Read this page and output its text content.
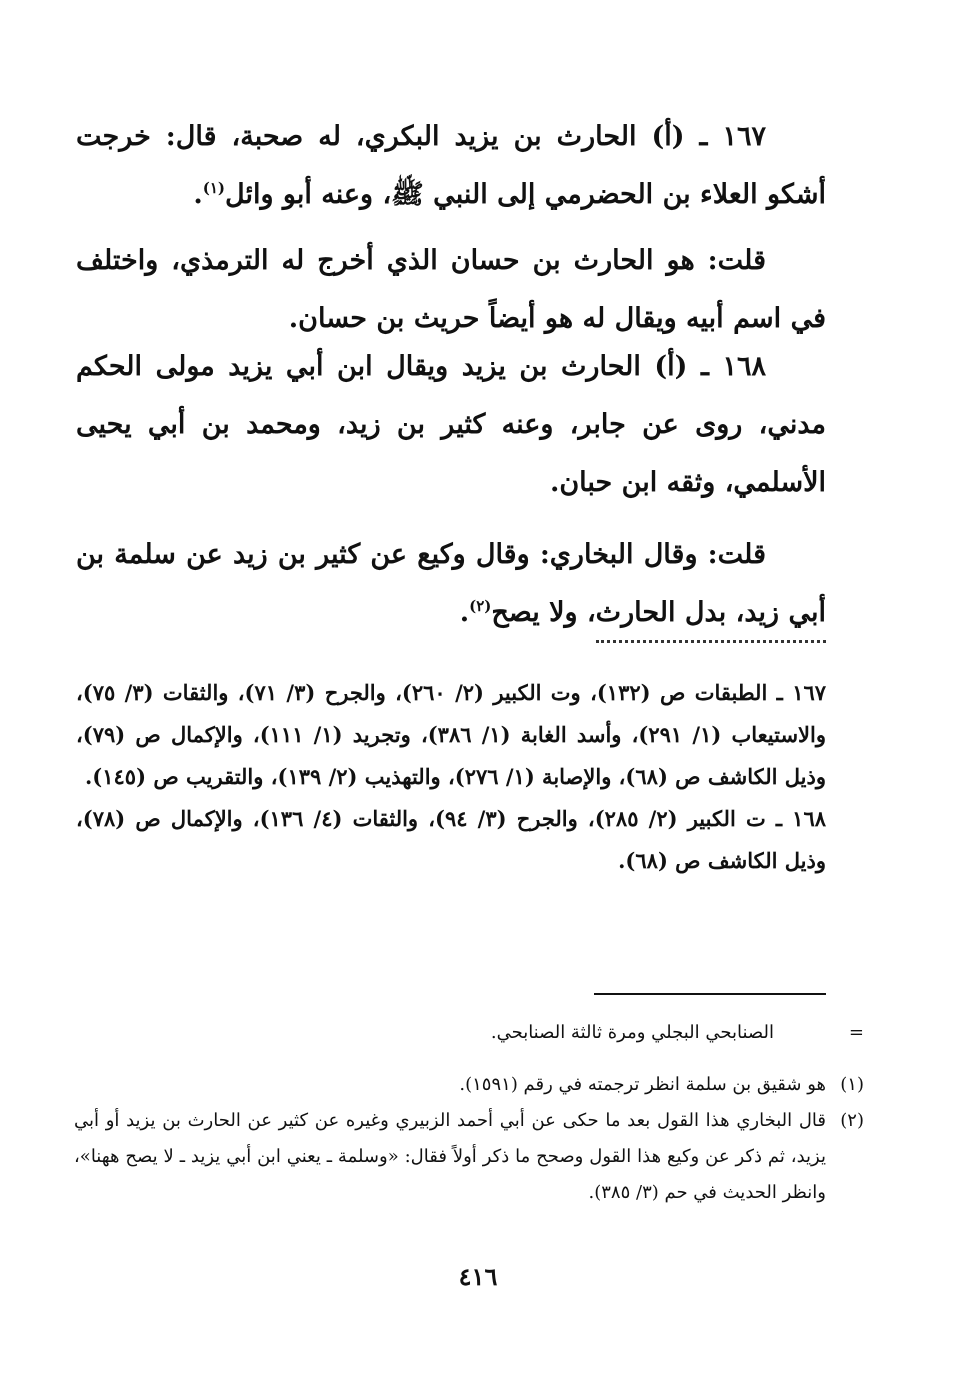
١٦٧ ـ (أ) الحارث بن يزيد البكري، له صحبة، قال: خرجت أشكو العلاء بن الحضرمي إلى النبي ﷺ، وعنه أبو وائل$^{(١)}$.

قلت: هو الحارث بن حسان الذي أخرج له الترمذي، واختلف في اسم أبيه ويقال له هو أيضاً حريث بن حسان.

١٦٨ ـ (أ) الحارث بن يزيد ويقال ابن أبي يزيد مولى الحكم مدني، روى عن جابر، وعنه كثير بن زيد، ومحمد بن أبي يحيى الأسلمي، وثقه ابن حبان.

قلت: وقال البخاري: وقال وكيع عن كثير بن زيد عن سلمة بن أبي زيد، بدل الحارث، ولا يصح$^{(٢)}$.

١٦٧ ـ الطبقات ص (١٣٢)، وت الكبير (٢/ ٢٦٠)، والجرح (٣/ ٧١)، والثقات (٣/ ٧٥)، والاستيعاب (١/ ٢٩١)، وأسد الغابة (١/ ٣٨٦)، وتجريد (١/ ١١١)، والإكمال ص (٧٩)، وذيل الكاشف ص (٦٨)، والإصابة (١/ ٢٧٦)، والتهذيب (٢/ ١٣٩)، والتقريب ص (١٤٥).

١٦٨ ـ ت الكبير (٢/ ٢٨٥)، والجرح (٣/ ٩٤)، والثقات (٤/ ١٣٦)، والإكمال ص (٧٨)، وذيل الكاشف ص (٦٨).

=
الصنابحي البجلي ومرة ثالثة الصنابحي.
(١)
هو شقيق بن سلمة انظر ترجمته في رقم (١٥٩١).
(٢)
قال البخاري هذا القول بعد ما حكى عن أبي أحمد الزبيري وغيره عن كثير عن الحارث بن يزيد أو أبي يزيد، ثم ذكر عن وكيع هذا القول وصحح ما ذكر أولاً فقال: «وسلمة ـ يعني ابن أبي يزيد ـ لا يصح ههنا»، وانظر الحديث في حم (٣/ ٣٨٥).
٤١٦
